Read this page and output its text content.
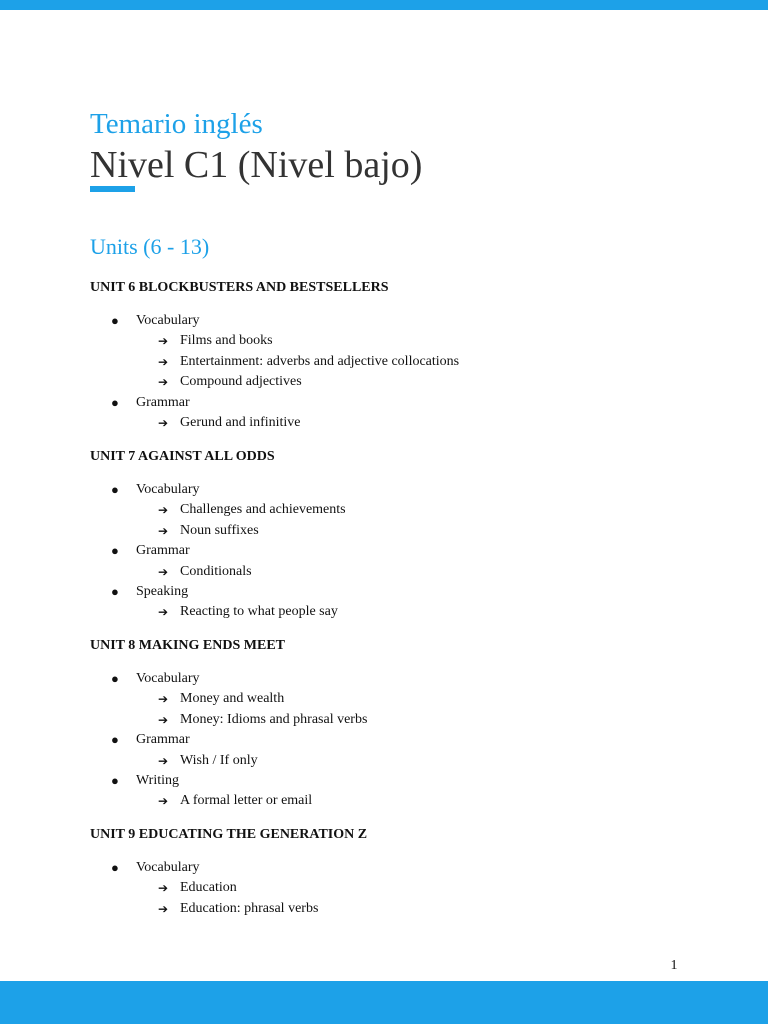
Temario inglés
Nivel C1 (Nivel bajo)
Units (6 - 13)
UNIT 6 BLOCKBUSTERS AND BESTSELLERS
● Vocabulary
➔ Films and books
➔ Entertainment: adverbs and adjective collocations
➔ Compound adjectives
● Grammar
➔ Gerund and infinitive
UNIT 7 AGAINST ALL ODDS
● Vocabulary
➔ Challenges and achievements
➔ Noun suffixes
● Grammar
➔ Conditionals
● Speaking
➔ Reacting to what people say
UNIT 8 MAKING ENDS MEET
● Vocabulary
➔ Money and wealth
➔ Money: Idioms and phrasal verbs
● Grammar
➔ Wish / If only
● Writing
➔ A formal letter or email
UNIT 9 EDUCATING THE GENERATION Z
● Vocabulary
➔ Education
➔ Education: phrasal verbs
1
